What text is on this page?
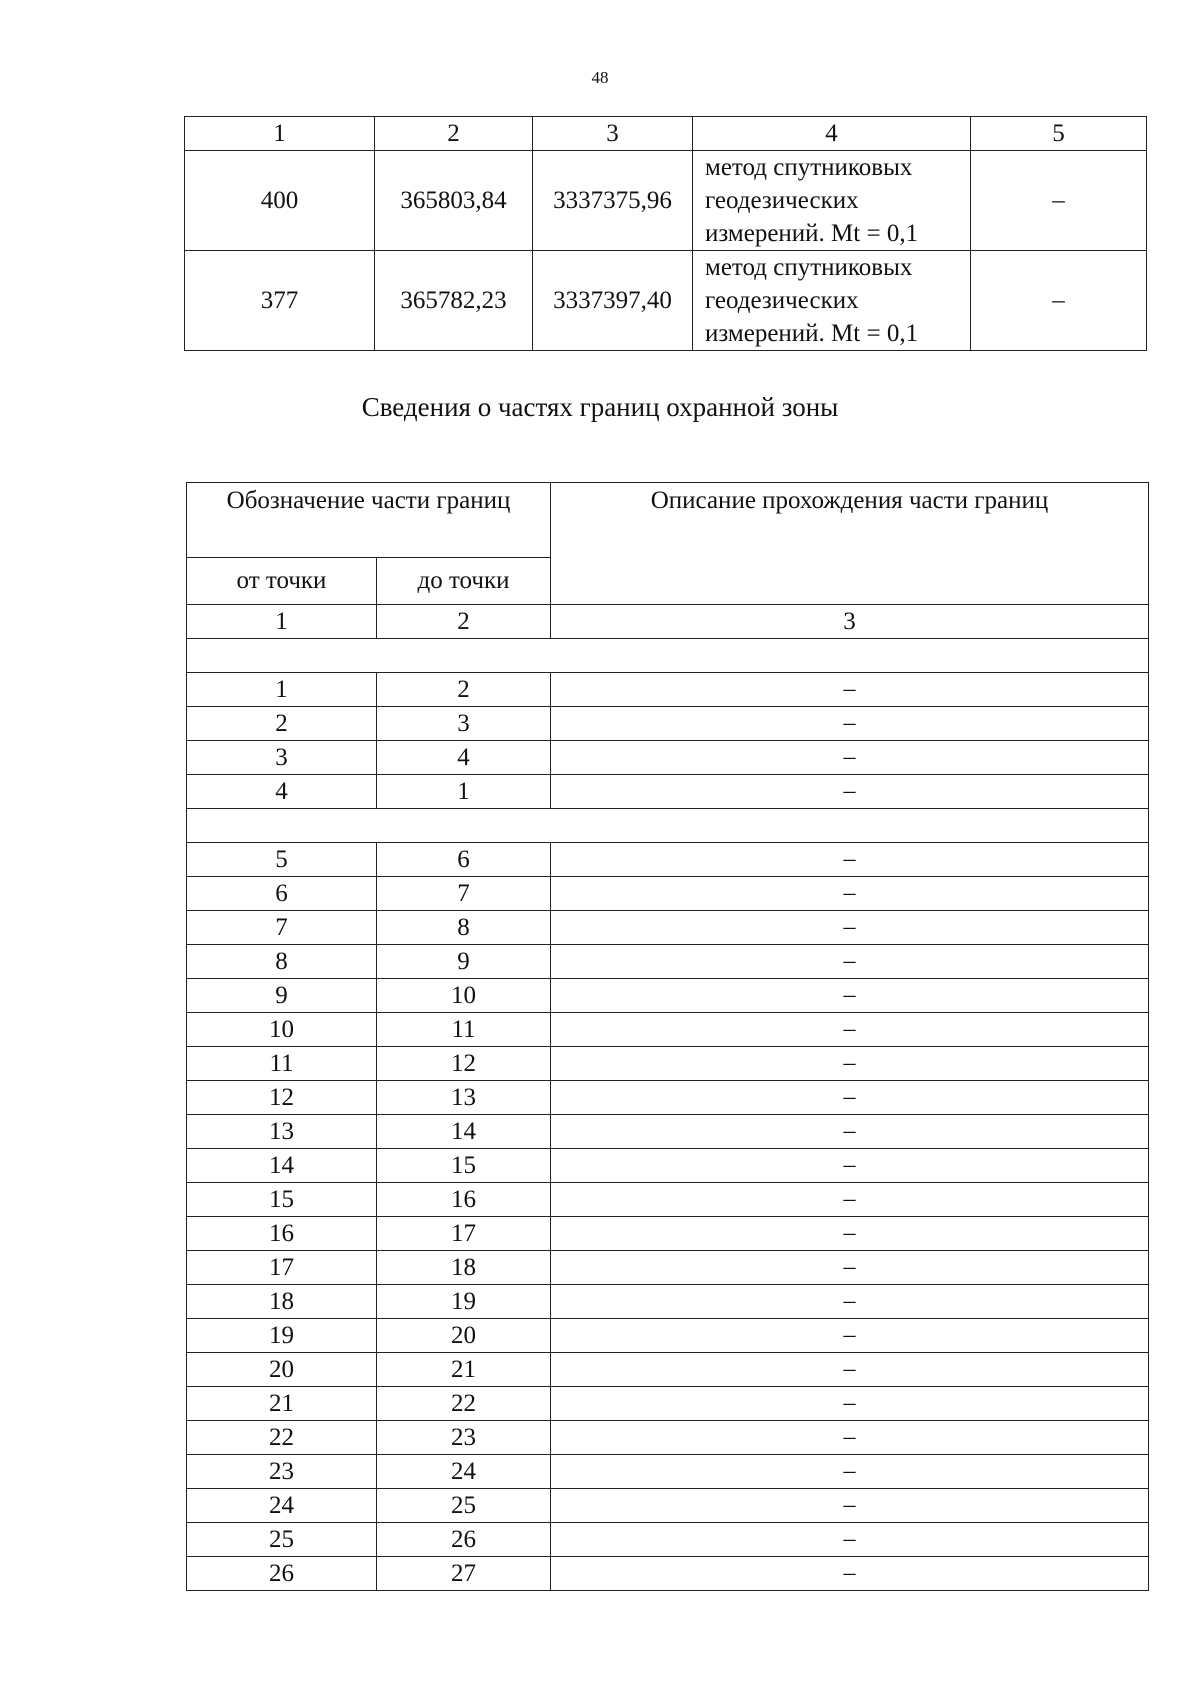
48
1	2	3	4	5
400	365803,84	3337375,96	метод спутниковых
геодезических
измерений. Mt = 0,1	–
377	365782,23	3337397,40	метод спутниковых
геодезических
измерений. Mt = 0,1	–
Сведения о частях границ охранной зоны
Обозначение части границ		Описание прохождения части границ
от точки	до точки	
1	2	3

1	2	–
2	3	–
3	4	–
4	1	–

5	6	–
6	7	–
7	8	–
8	9	–
9	10	–
10	11	–
11	12	–
12	13	–
13	14	–
14	15	–
15	16	–
16	17	–
17	18	–
18	19	–
19	20	–
20	21	–
21	22	–
22	23	–
23	24	–
24	25	–
25	26	–
26	27	–
